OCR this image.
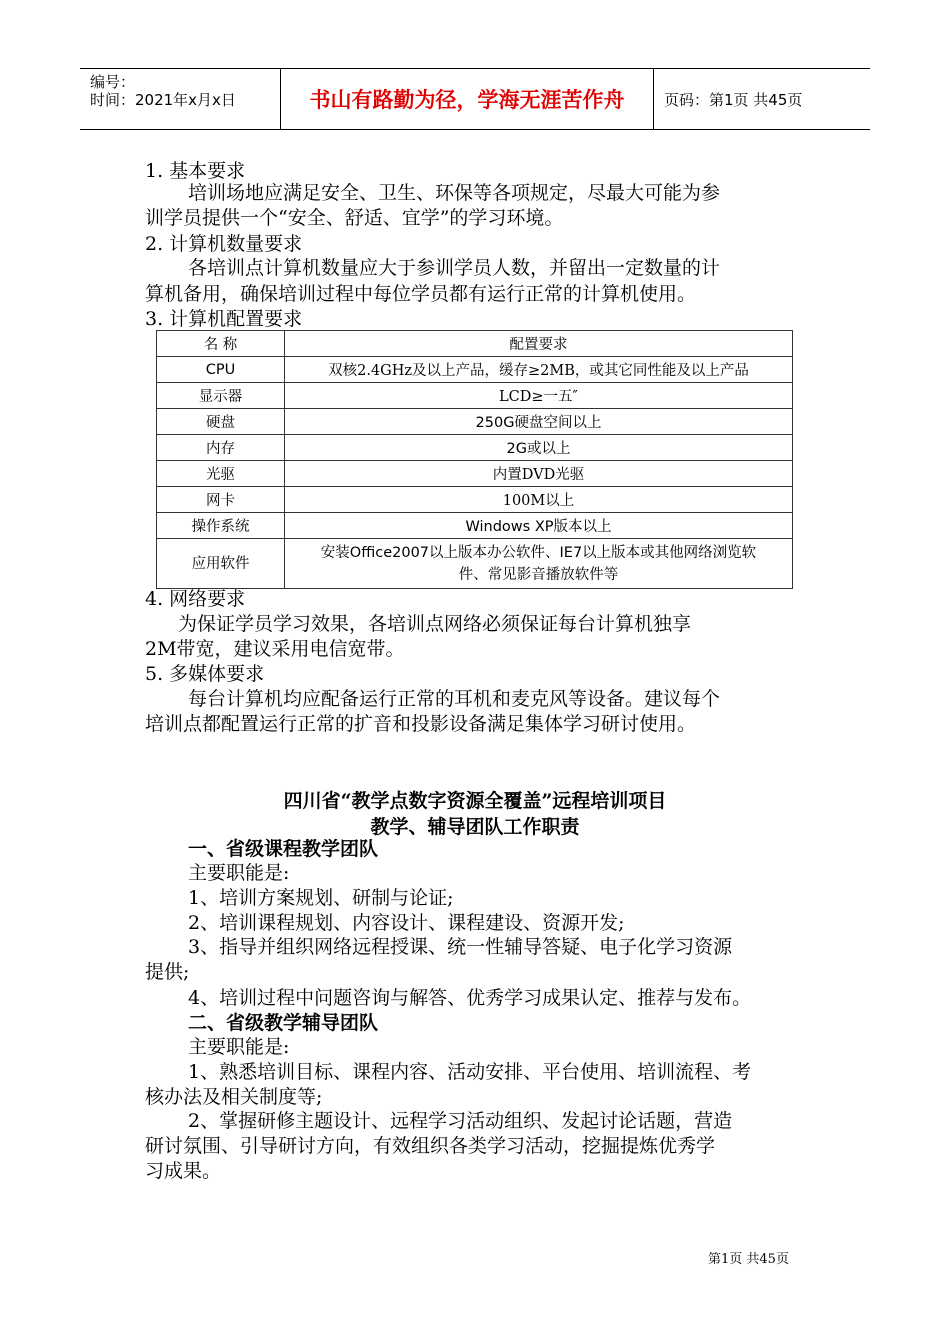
编号：
时间：2021年x月x日	书山有路勤为径，学海无涯苦作舟	页码：第1页 共45页
1. 基本要求
培训场地应满足安全、卫生、环保等各项规定，尽最大可能为参
训学员提供一个“安全、舒适、宜学”的学习环境。
2. 计算机数量要求
各培训点计算机数量应大于参训学员人数，并留出一定数量的计
算机备用，确保培训过程中每位学员都有运行正常的计算机使用。
3. 计算机配置要求
名 称	配置要求
CPU	双核2.4GHz及以上产品，缓存≥2MB，或其它同性能及以上产品
显示器	LCD≥一五″
硬盘	250G硬盘空间以上
内存	2G或以上
光驱	内置DVD光驱
网卡	100M以上
操作系统	Windows XP版本以上
应用软件	安装Office2007以上版本办公软件、IE7以上版本或其他网络浏览软
件、常见影音播放软件等
4. 网络要求
为保证学员学习效果，各培训点网络必须保证每台计算机独享
2M带宽，建议采用电信宽带。
5. 多媒体要求
每台计算机均应配备运行正常的耳机和麦克风等设备。建议每个
培训点都配置运行正常的扩音和投影设备满足集体学习研讨使用。
四川省“教学点数字资源全覆盖”远程培训项目
教学、辅导团队工作职责
一、省级课程教学团队
主要职能是:
1、培训方案规划、研制与论证;
2、培训课程规划、内容设计、课程建设、资源开发;
3、指导并组织网络远程授课、统一性辅导答疑、电子化学习资源
提供;
4、培训过程中问题咨询与解答、优秀学习成果认定、推荐与发布。
二、省级教学辅导团队
主要职能是:
1、熟悉培训目标、课程内容、活动安排、平台使用、培训流程、考
核办法及相关制度等;
2、掌握研修主题设计、远程学习活动组织、发起讨论话题，营造
研讨氛围、引导研讨方向，有效组织各类学习活动，挖掘提炼优秀学
习成果。
第1页 共45页
